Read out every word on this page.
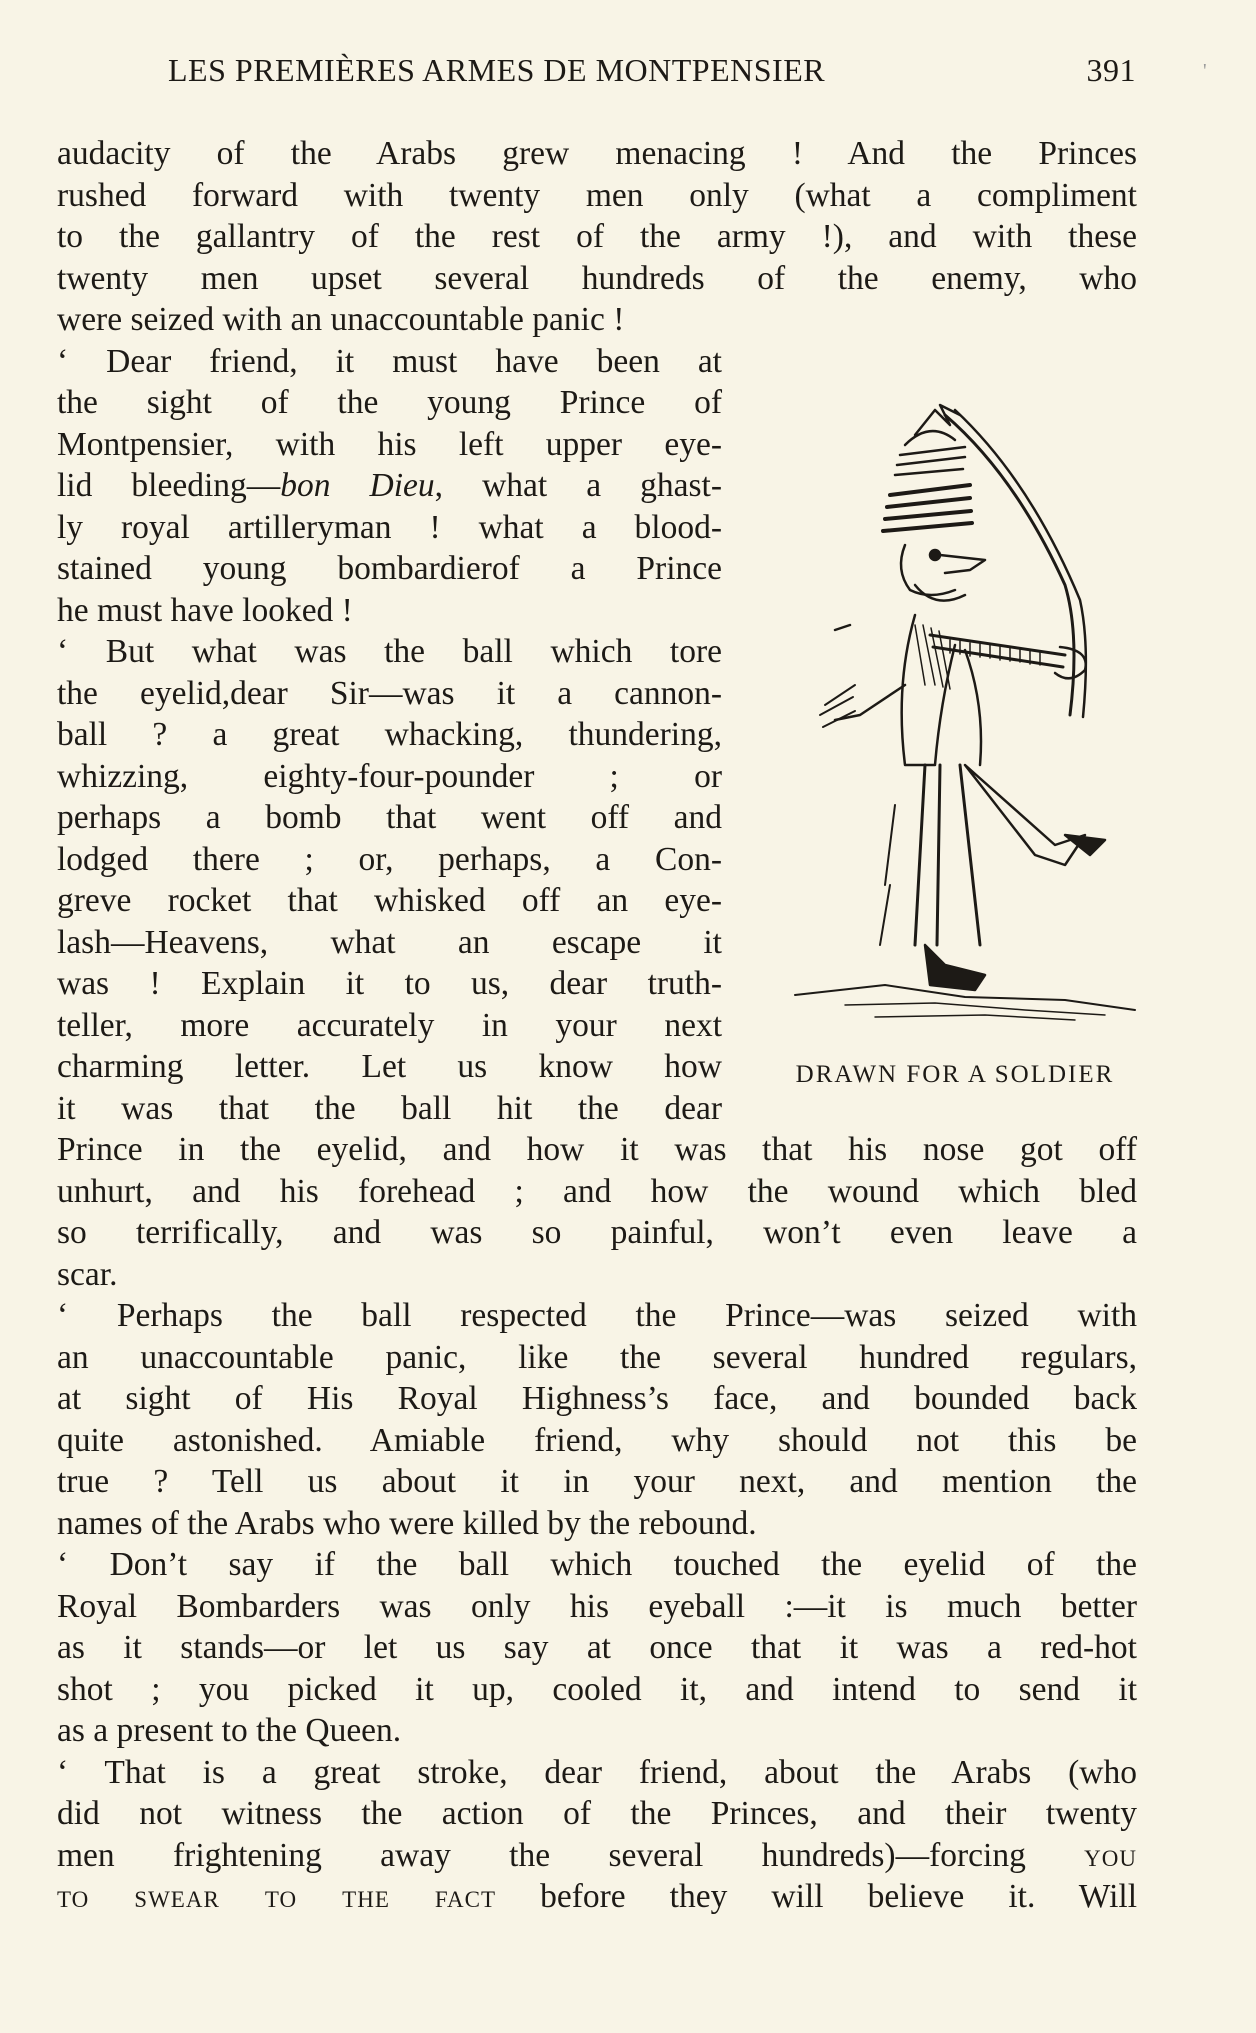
LES PREMIÈRES ARMES DE MONTPENSIER	391	'
audacity of the Arabs grew menacing ! And the Princes
rushed forward with twenty men only (what a compliment
to the gallantry of the rest of the army !), and with these
twenty men upset several hundreds of the enemy, who
were seized with an unaccountable panic !
‘ Dear friend, it must have been at
the sight of the young Prince of
Montpensier, with his left upper eye-
lid bleeding—bon Dieu, what a ghast-
ly royal artilleryman ! what a blood-
stained young bombardierof a Prince
he must have looked !
‘ But what was the ball which tore
the eyelid,dear Sir—was it a cannon-
ball ? a great whacking, thundering,
whizzing, eighty-four-pounder ; or
perhaps a bomb that went off and
lodged there ; or, perhaps, a Con-
greve rocket that whisked off an eye-
lash—Heavens, what an escape it
was ! Explain it to us, dear truth-
teller, more accurately in your next
charming letter. Let us know how
it was that the ball hit the dear
Prince in the eyelid, and how it was that his nose got off
unhurt, and his forehead ; and how the wound which bled
so terrifically, and was so painful, won’t even leave a
scar.
‘ Perhaps the ball respected the Prince—was seized with
an unaccountable panic, like the several hundred regulars,
at sight of His Royal Highness’s face, and bounded back
quite astonished. Amiable friend, why should not this be
true ? Tell us about it in your next, and mention the
names of the Arabs who were killed by the rebound.
‘ Don’t say if the ball which touched the eyelid of the
Royal Bombarders was only his eyeball :—it is much better
as it stands—or let us say at once that it was a red-hot
shot ; you picked it up, cooled it, and intend to send it
as a present to the Queen.
‘ That is a great stroke, dear friend, about the Arabs (who
did not witness the action of the Princes, and their twenty
men frightening away the several hundreds)—forcing you
to swear to the fact before they will believe it. Will
DRAWN FOR A SOLDIER
